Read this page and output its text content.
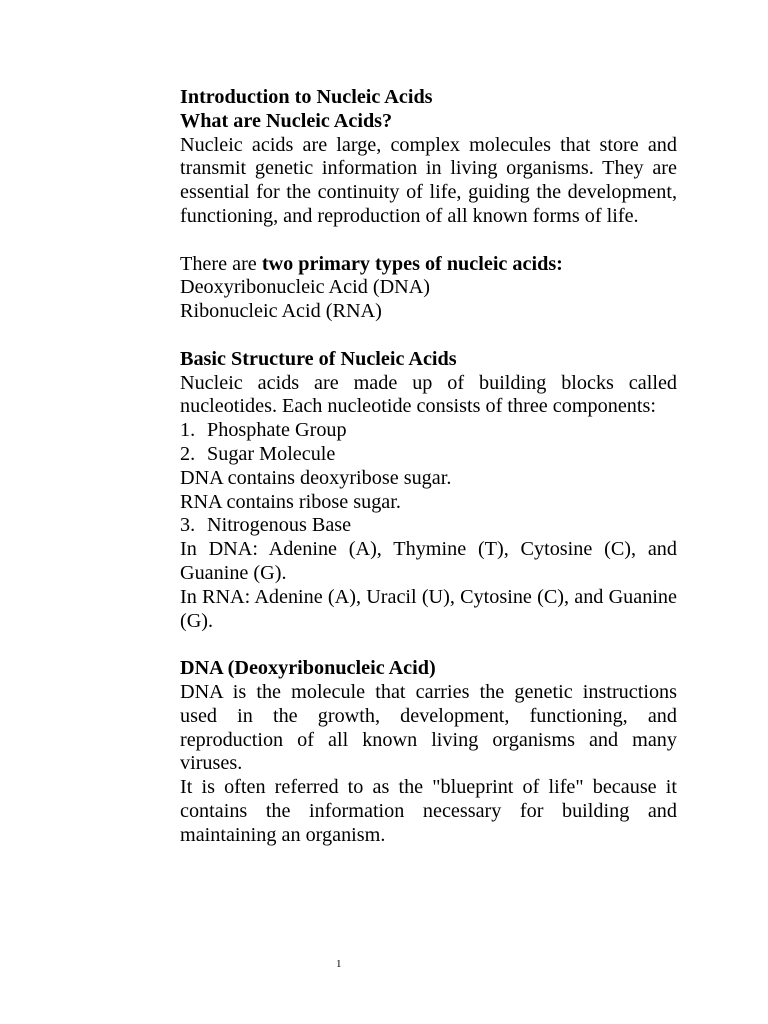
Introduction to Nucleic Acids

What are Nucleic Acids?

Nucleic acids are large, complex molecules that store and transmit genetic information in living organisms. They are essential for the continuity of life, guiding the development, functioning, and reproduction of all known forms of life.

There are two primary types of nucleic acids:

Deoxyribonucleic Acid (DNA)

Ribonucleic Acid (RNA)

Basic Structure of Nucleic Acids

Nucleic acids are made up of building blocks called nucleotides. Each nucleotide consists of three components:

1. Phosphate Group

2. Sugar Molecule

DNA contains deoxyribose sugar.

RNA contains ribose sugar.

3. Nitrogenous Base

In DNA: Adenine (A), Thymine (T), Cytosine (C), and Guanine (G).

In RNA: Adenine (A), Uracil (U), Cytosine (C), and Guanine (G).

DNA (Deoxyribonucleic Acid)

DNA is the molecule that carries the genetic instructions used in the growth, development, functioning, and reproduction of all known living organisms and many viruses.

It is often referred to as the "blueprint of life" because it contains the information necessary for building and maintaining an organism.

1
